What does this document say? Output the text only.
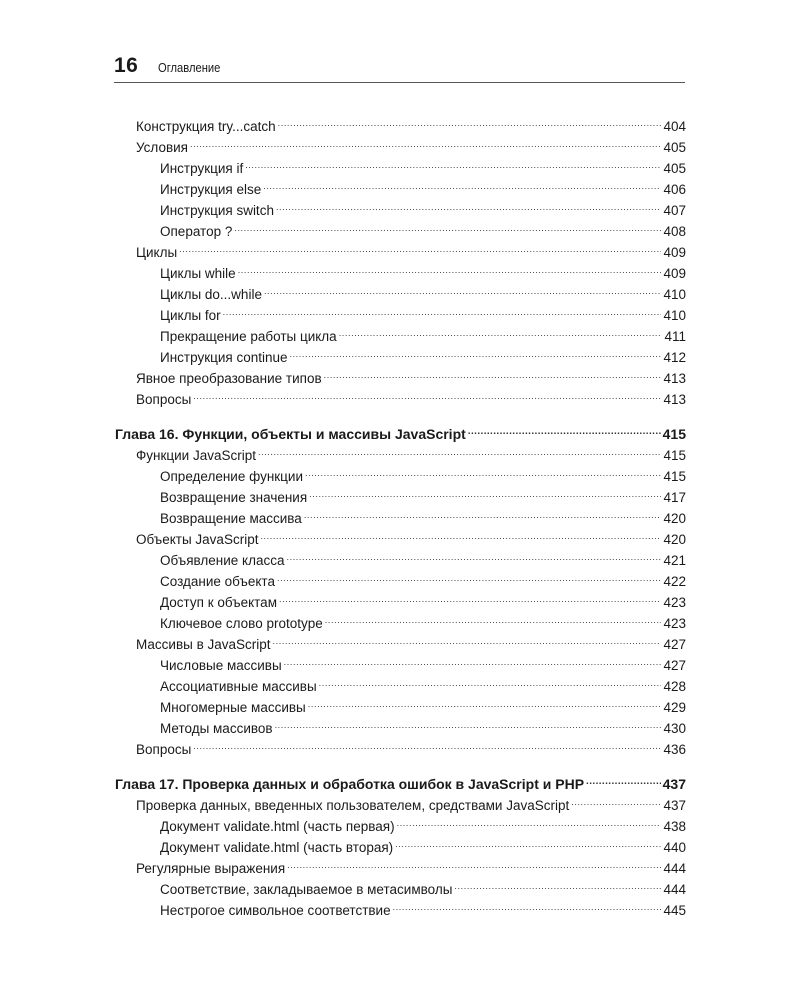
16 Оглавление
Конструкция try...catch .....	404
Условия .....	405
Инструкция if .....	405
Инструкция else .....	406
Инструкция switch .....	407
Оператор ? .....	408
Циклы .....	409
Циклы while .....	409
Циклы do...while .....	410
Циклы for .....	410
Прекращение работы цикла .....	411
Инструкция continue .....	412
Явное преобразование типов .....	413
Вопросы .....	413
Глава 16. Функции, объекты и массивы JavaScript .....	415
Функции JavaScript .....	415
Определение функции .....	415
Возвращение значения .....	417
Возвращение массива .....	420
Объекты JavaScript .....	420
Объявление класса .....	421
Создание объекта .....	422
Доступ к объектам .....	423
Ключевое слово prototype .....	423
Массивы в JavaScript .....	427
Числовые массивы .....	427
Ассоциативные массивы .....	428
Многомерные массивы .....	429
Методы массивов .....	430
Вопросы .....	436
Глава 17. Проверка данных и обработка ошибок в JavaScript и PHP .....	437
Проверка данных, введенных пользователем, средствами JavaScript .....	437
Документ validate.html (часть первая) .....	438
Документ validate.html (часть вторая) .....	440
Регулярные выражения .....	444
Соответствие, закладываемое в метасимволы .....	444
Нестрогое символьное соответствие .....	445
